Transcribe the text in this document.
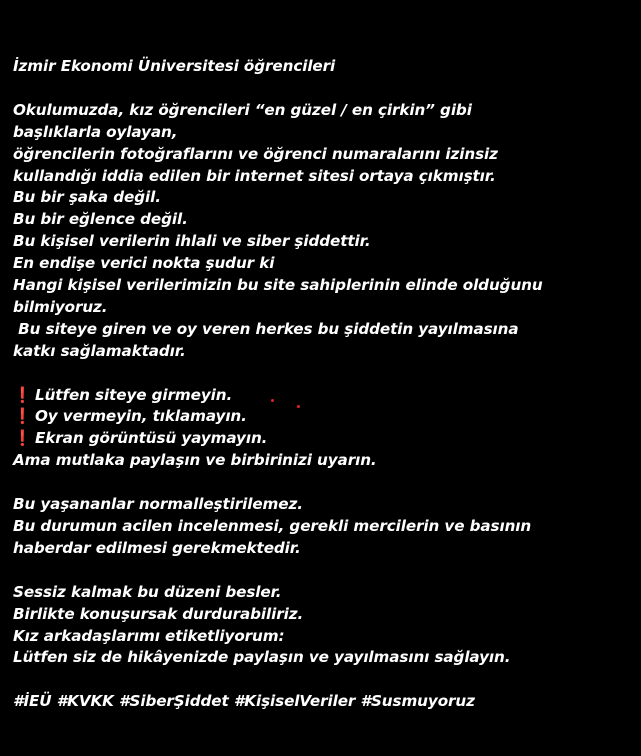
İzmir Ekonomi Üniversitesi öğrencileri
Okulumuzda, kız öğrencileri “en güzel / en çirkin” gibi
başlıklarla oylayan,
öğrencilerin fotoğraflarını ve öğrenci numaralarını izinsiz
kullandığı iddia edilen bir internet sitesi ortaya çıkmıştır.
Bu bir şaka değil.
Bu bir eğlence değil.
Bu kişisel verilerin ihlali ve siber şiddettir.
En endişe verici nokta şudur ki
Hangi kişisel verilerimizin bu site sahiplerinin elinde olduğunu
bilmiyoruz.
Bu siteye giren ve oy veren herkes bu şiddetin yayılmasına
katkı sağlamaktadır.
❗ Lütfen siteye girmeyin.
❗ Oy vermeyin, tıklamayın.
❗ Ekran görüntüsü yaymayın.
Ama mutlaka paylaşın ve birbirinizi uyarın.
Bu yaşananlar normalleştirilemez.
Bu durumun acilen incelenmesi, gerekli mercilerin ve basının
haberdar edilmesi gerekmektedir.
Sessiz kalmak bu düzeni besler.
Birlikte konuşursak durdurabiliriz.
Kız arkadaşlarımı etiketliyorum:
Lütfen siz de hikâyenizde paylaşın ve yayılmasını sağlayın.
#İEÜ #KVKK #SiberŞiddet #KişiselVeriler #Susmuyoruz
